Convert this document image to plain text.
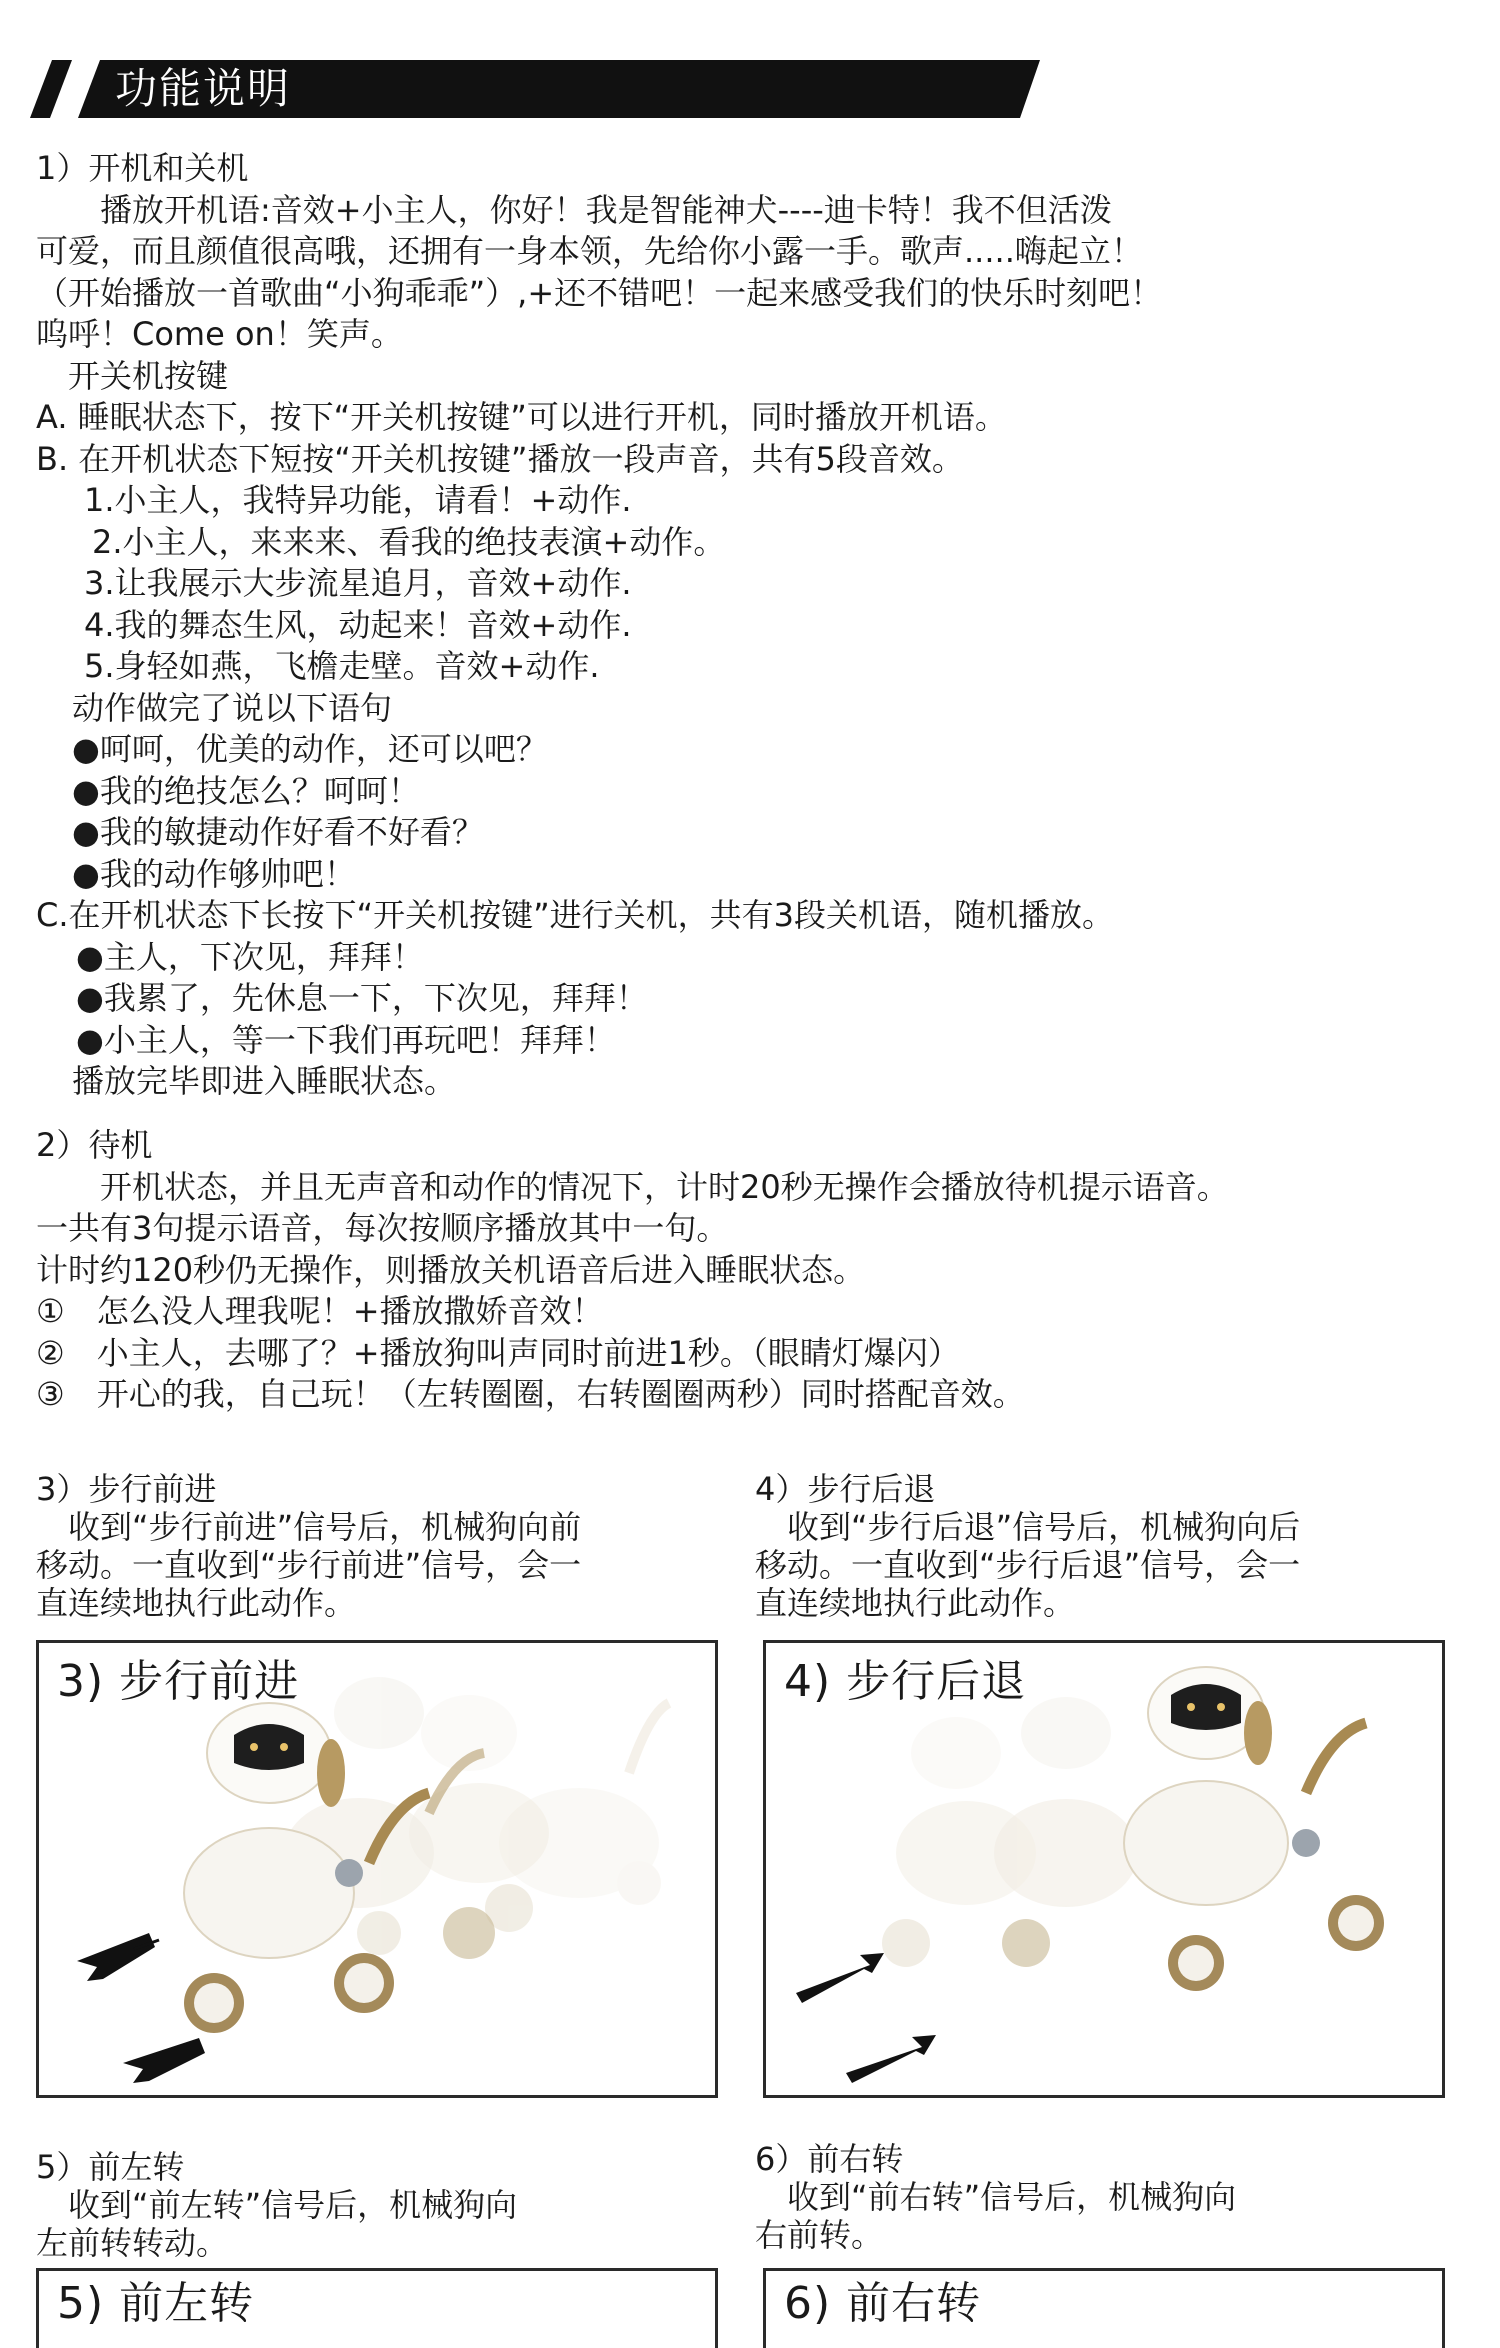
功能说明

1）开机和关机

　　播放开机语:音效+小主人，你好！我是智能神犬----迪卡特！我不但活泼

可爱，而且颜值很高哦，还拥有一身本领，先给你小露一手。歌声.....嗨起立！

（开始播放一首歌曲“小狗乖乖”）,+还不错吧！一起来感受我们的快乐时刻吧！

呜呼！Come on！笑声。

　开关机按键

A. 睡眠状态下，按下“开关机按键”可以进行开机，同时播放开机语。

B. 在开机状态下短按“开关机按键”播放一段声音，共有5段音效。

1.小主人，我特异功能，请看！+动作.

2.小主人，来来来、看我的绝技表演+动作。

3.让我展示大步流星追月，音效+动作.

4.我的舞态生风，动起来！音效+动作.

5.身轻如燕，飞檐走壁。音效+动作.

动作做完了说以下语句

●呵呵，优美的动作，还可以吧？

●我的绝技怎么？呵呵！

●我的敏捷动作好看不好看？

●我的动作够帅吧！

C.在开机状态下长按下“开关机按键”进行关机，共有3段关机语，随机播放。

●主人，下次见，拜拜！

●我累了，先休息一下，下次见，拜拜！

●小主人，等一下我们再玩吧！拜拜！

播放完毕即进入睡眠状态。

2）待机

　　开机状态，并且无声音和动作的情况下，计时20秒无操作会播放待机提示语音。

一共有3句提示语音，每次按顺序播放其中一句。

计时约120秒仍无操作，则播放关机语音后进入睡眠状态。

①　怎么没人理我呢！+播放撒娇音效！

②　小主人，去哪了？+播放狗叫声同时前进1秒。（眼睛灯爆闪）

③　开心的我，自己玩！（左转圈圈，右转圈圈两秒）同时搭配音效。

3）步行前进

　收到“步行前进”信号后，机械狗向前

移动。一直收到“步行前进”信号，会一

直连续地执行此动作。

4）步行后退

　收到“步行后退”信号后，机械狗向后

移动。一直收到“步行后退”信号，会一

直连续地执行此动作。

3) 步行前进	4) 步行后退

5）前左转

　收到“前左转”信号后，机械狗向

左前转转动。

6）前右转

　收到“前右转”信号后，机械狗向

右前转。

5) 前左转	6) 前右转
